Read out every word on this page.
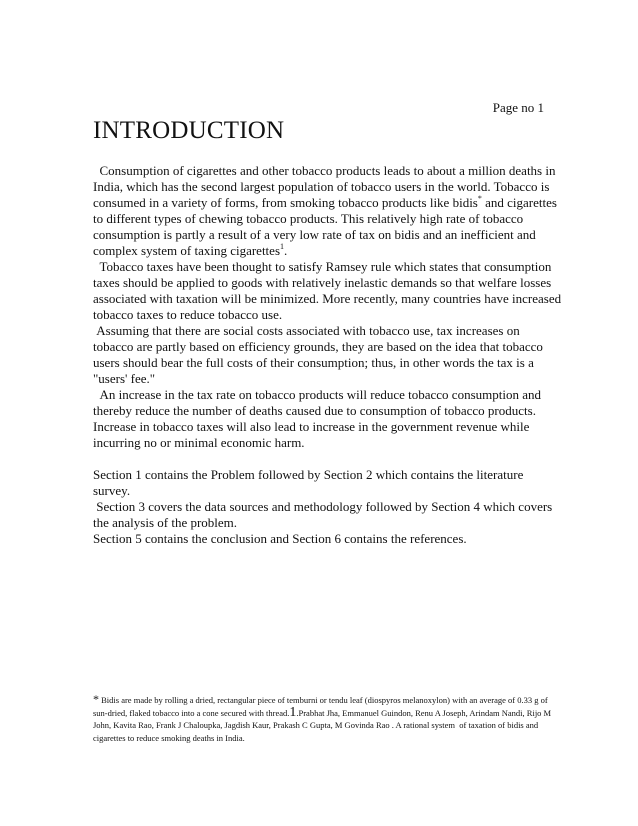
Page no 1
INTRODUCTION

Consumption of cigarettes and other tobacco products leads to about a million deaths in India, which has the second largest population of tobacco users in the world. Tobacco is consumed in a variety of forms, from smoking tobacco products like bidis* and cigarettes to different types of chewing tobacco products. This relatively high rate of tobacco consumption is partly a result of a very low rate of tax on bidis and an inefficient and complex system of taxing cigarettes$^1$.

Tobacco taxes have been thought to satisfy Ramsey rule which states that consumption taxes should be applied to goods with relatively inelastic demands so that welfare losses associated with taxation will be minimized. More recently, many countries have increased tobacco taxes to reduce tobacco use.

Assuming that there are social costs associated with tobacco use, tax increases on tobacco are partly based on efficiency grounds, they are based on the idea that tobacco users should bear the full costs of their consumption; thus, in other words the tax is a "users' fee."

An increase in the tax rate on tobacco products will reduce tobacco consumption and thereby reduce the number of deaths caused due to consumption of tobacco products. Increase in tobacco taxes will also lead to increase in the government revenue while incurring no or minimal economic harm.

Section 1 contains the Problem followed by Section 2 which contains the literature survey.

Section 3 covers the data sources and methodology followed by Section 4 which covers the analysis of the problem.

Section 5 contains the conclusion and Section 6 contains the references.

* Bidis are made by rolling a dried, rectangular piece of temburni or tendu leaf (diospyros melanoxylon) with an average of 0.33 g of sun-dried, flaked tobacco into a cone secured with thread.1.Prabhat Jha, Emmanuel Guindon, Renu A Joseph, Arindam Nandi, Rijo M John, Kavita Rao, Frank J Chaloupka, Jagdish Kaur, Prakash C Gupta, M Govinda Rao . A rational system  of taxation of bidis and cigarettes to reduce smoking deaths in India.
